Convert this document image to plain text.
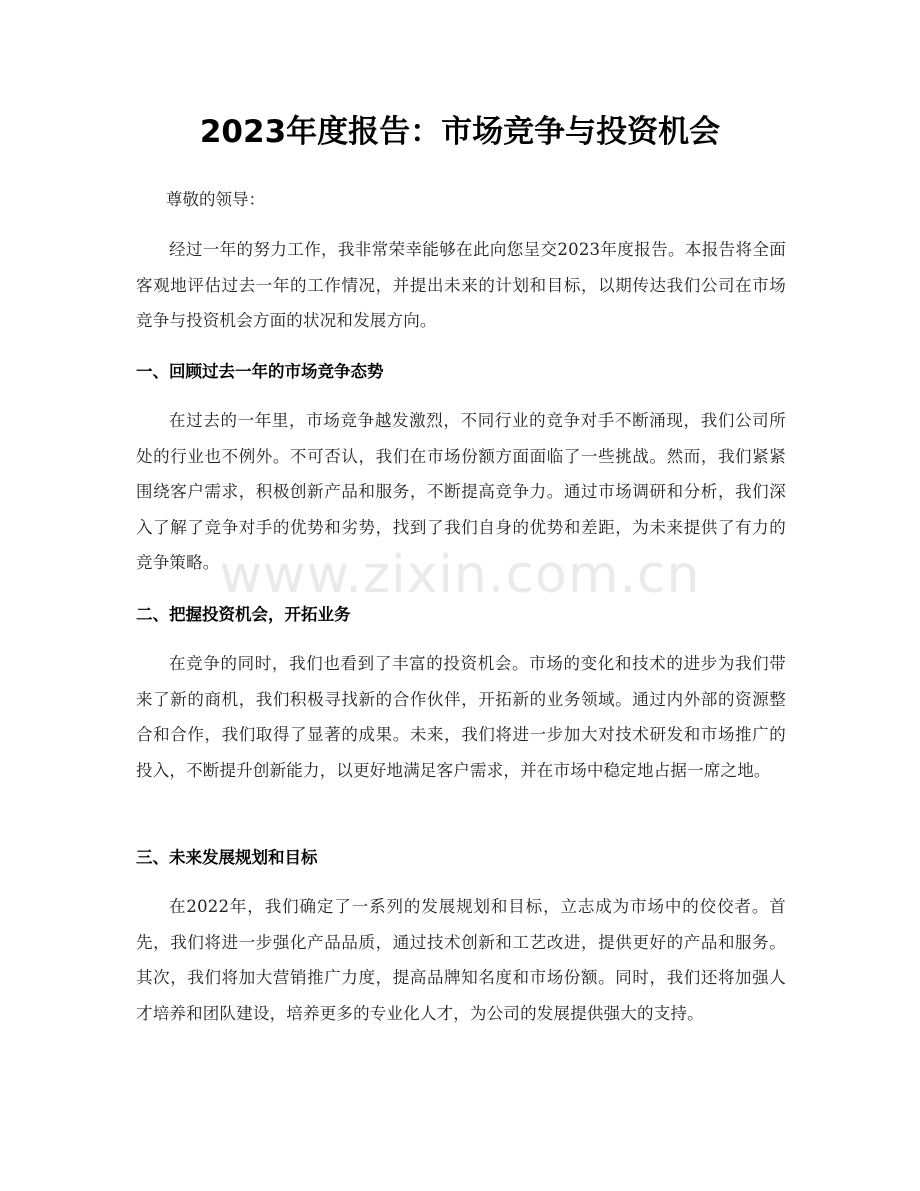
2023年度报告：市场竞争与投资机会

尊敬的领导：

经过一年的努力工作，我非常荣幸能够在此向您呈交2023年度报告。本报告将全面客观地评估过去一年的工作情况，并提出未来的计划和目标，以期传达我们公司在市场竞争与投资机会方面的状况和发展方向。

一、回顾过去一年的市场竞争态势

在过去的一年里，市场竞争越发激烈，不同行业的竞争对手不断涌现，我们公司所处的行业也不例外。不可否认，我们在市场份额方面面临了一些挑战。然而，我们紧紧围绕客户需求，积极创新产品和服务，不断提高竞争力。通过市场调研和分析，我们深入了解了竞争对手的优势和劣势，找到了我们自身的优势和差距，为未来提供了有力的竞争策略。

二、把握投资机会，开拓业务

在竞争的同时，我们也看到了丰富的投资机会。市场的变化和技术的进步为我们带来了新的商机，我们积极寻找新的合作伙伴，开拓新的业务领域。通过内外部的资源整合和合作，我们取得了显著的成果。未来，我们将进一步加大对技术研发和市场推广的投入，不断提升创新能力，以更好地满足客户需求，并在市场中稳定地占据一席之地。

三、未来发展规划和目标

在2022年，我们确定了一系列的发展规划和目标，立志成为市场中的佼佼者。首先，我们将进一步强化产品品质，通过技术创新和工艺改进，提供更好的产品和服务。其次，我们将加大营销推广力度，提高品牌知名度和市场份额。同时，我们还将加强人才培养和团队建设，培养更多的专业化人才，为公司的发展提供强大的支持。

www.zixin.com.cn
